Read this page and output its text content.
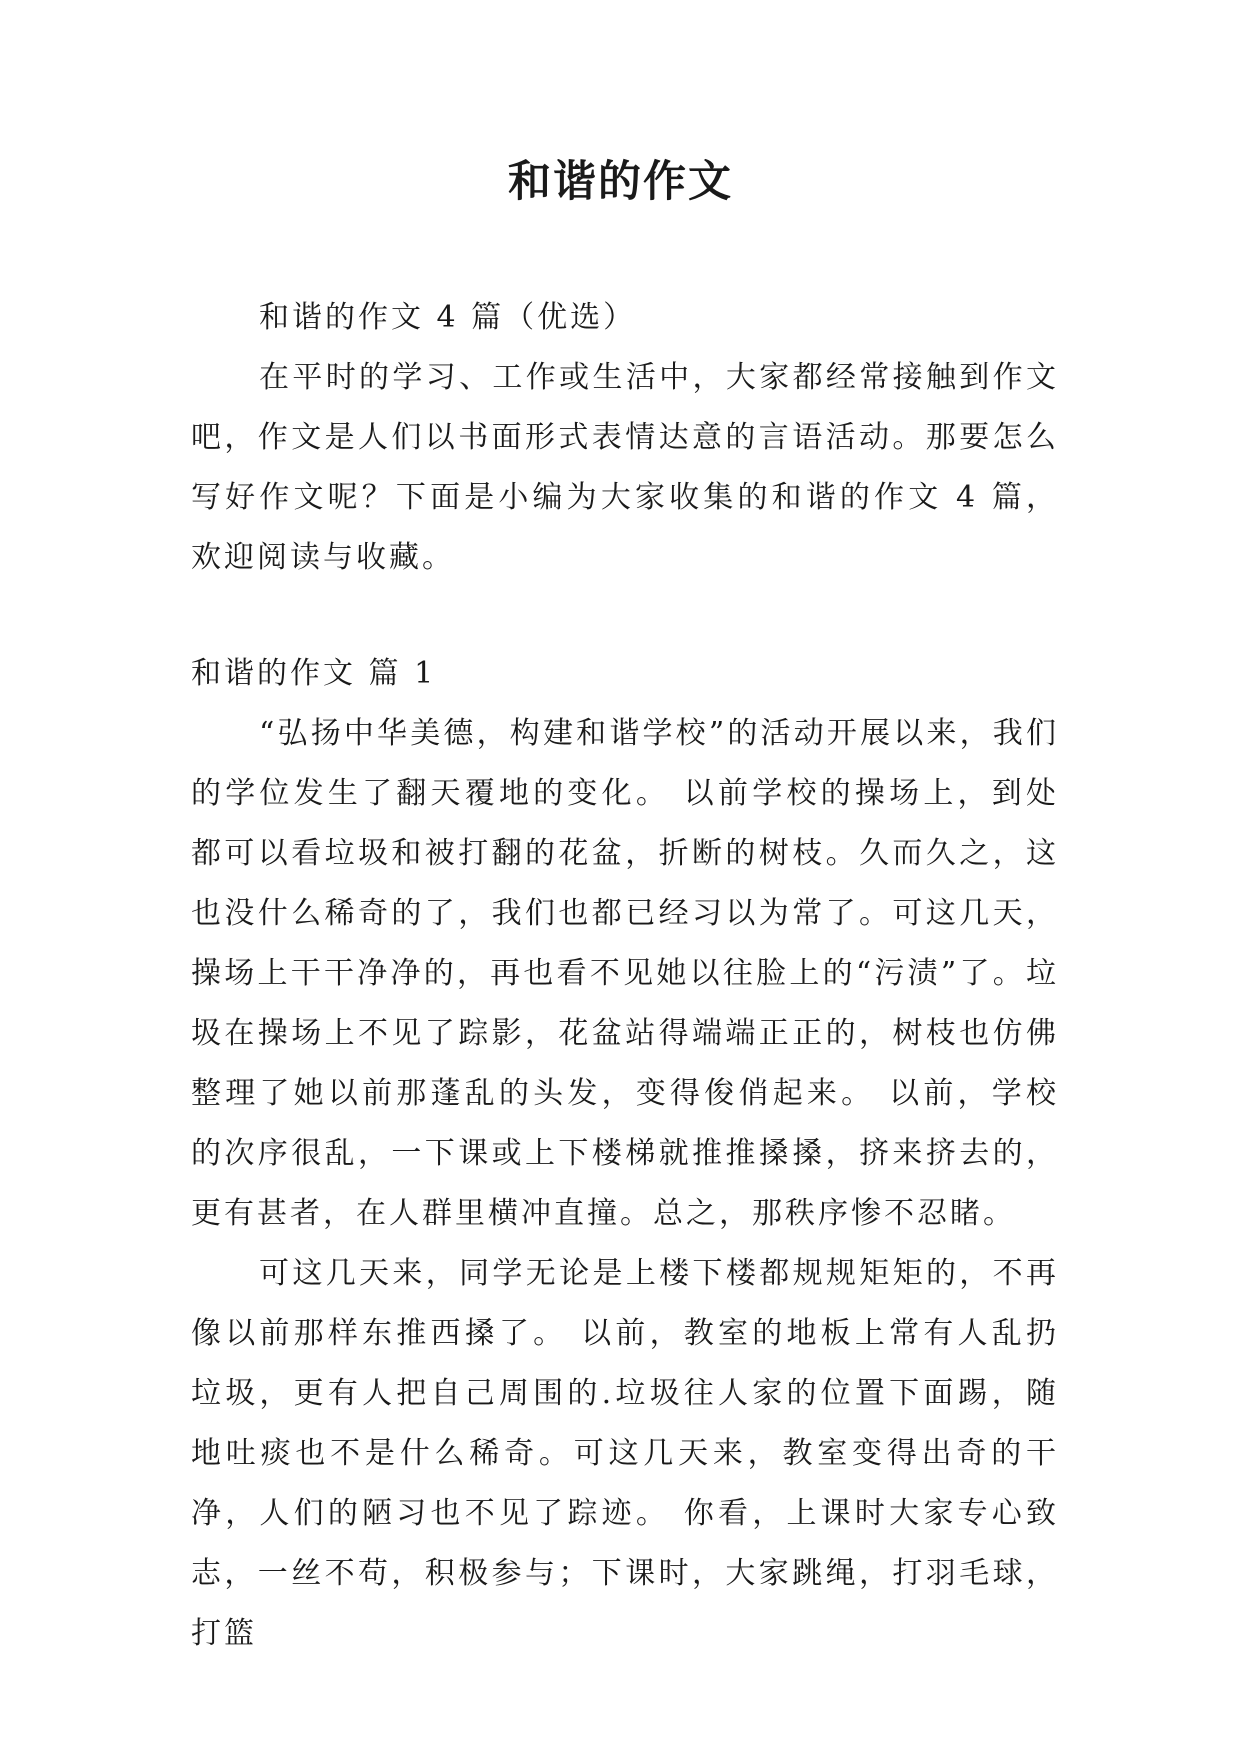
和谐的作文

和谐的作文 4 篇（优选）

在平时的学习、工作或生活中，大家都经常接触到作文吧，作文是人们以书面形式表情达意的言语活动。那要怎么写好作文呢？下面是小编为大家收集的和谐的作文 4 篇，欢迎阅读与收藏。

和谐的作文 篇 1

“弘扬中华美德，构建和谐学校”的活动开展以来，我们的学位发生了翻天覆地的变化。 以前学校的操场上，到处都可以看垃圾和被打翻的花盆，折断的树枝。久而久之，这也没什么稀奇的了，我们也都已经习以为常了。可这几天，操场上干干净净的，再也看不见她以往脸上的“污渍”了。垃圾在操场上不见了踪影，花盆站得端端正正的，树枝也仿佛整理了她以前那蓬乱的头发，变得俊俏起来。 以前，学校的次序很乱，一下课或上下楼梯就推推搡搡，挤来挤去的，更有甚者，在人群里横冲直撞。总之，那秩序惨不忍睹。

可这几天来，同学无论是上楼下楼都规规矩矩的，不再像以前那样东推西搡了。 以前，教室的地板上常有人乱扔垃圾，更有人把自己周围的.垃圾往人家的位置下面踢，随地吐痰也不是什么稀奇。可这几天来，教室变得出奇的干净，人们的陋习也不见了踪迹。 你看，上课时大家专心致志，一丝不苟，积极参与；下课时，大家跳绳，打羽毛球，打篮
